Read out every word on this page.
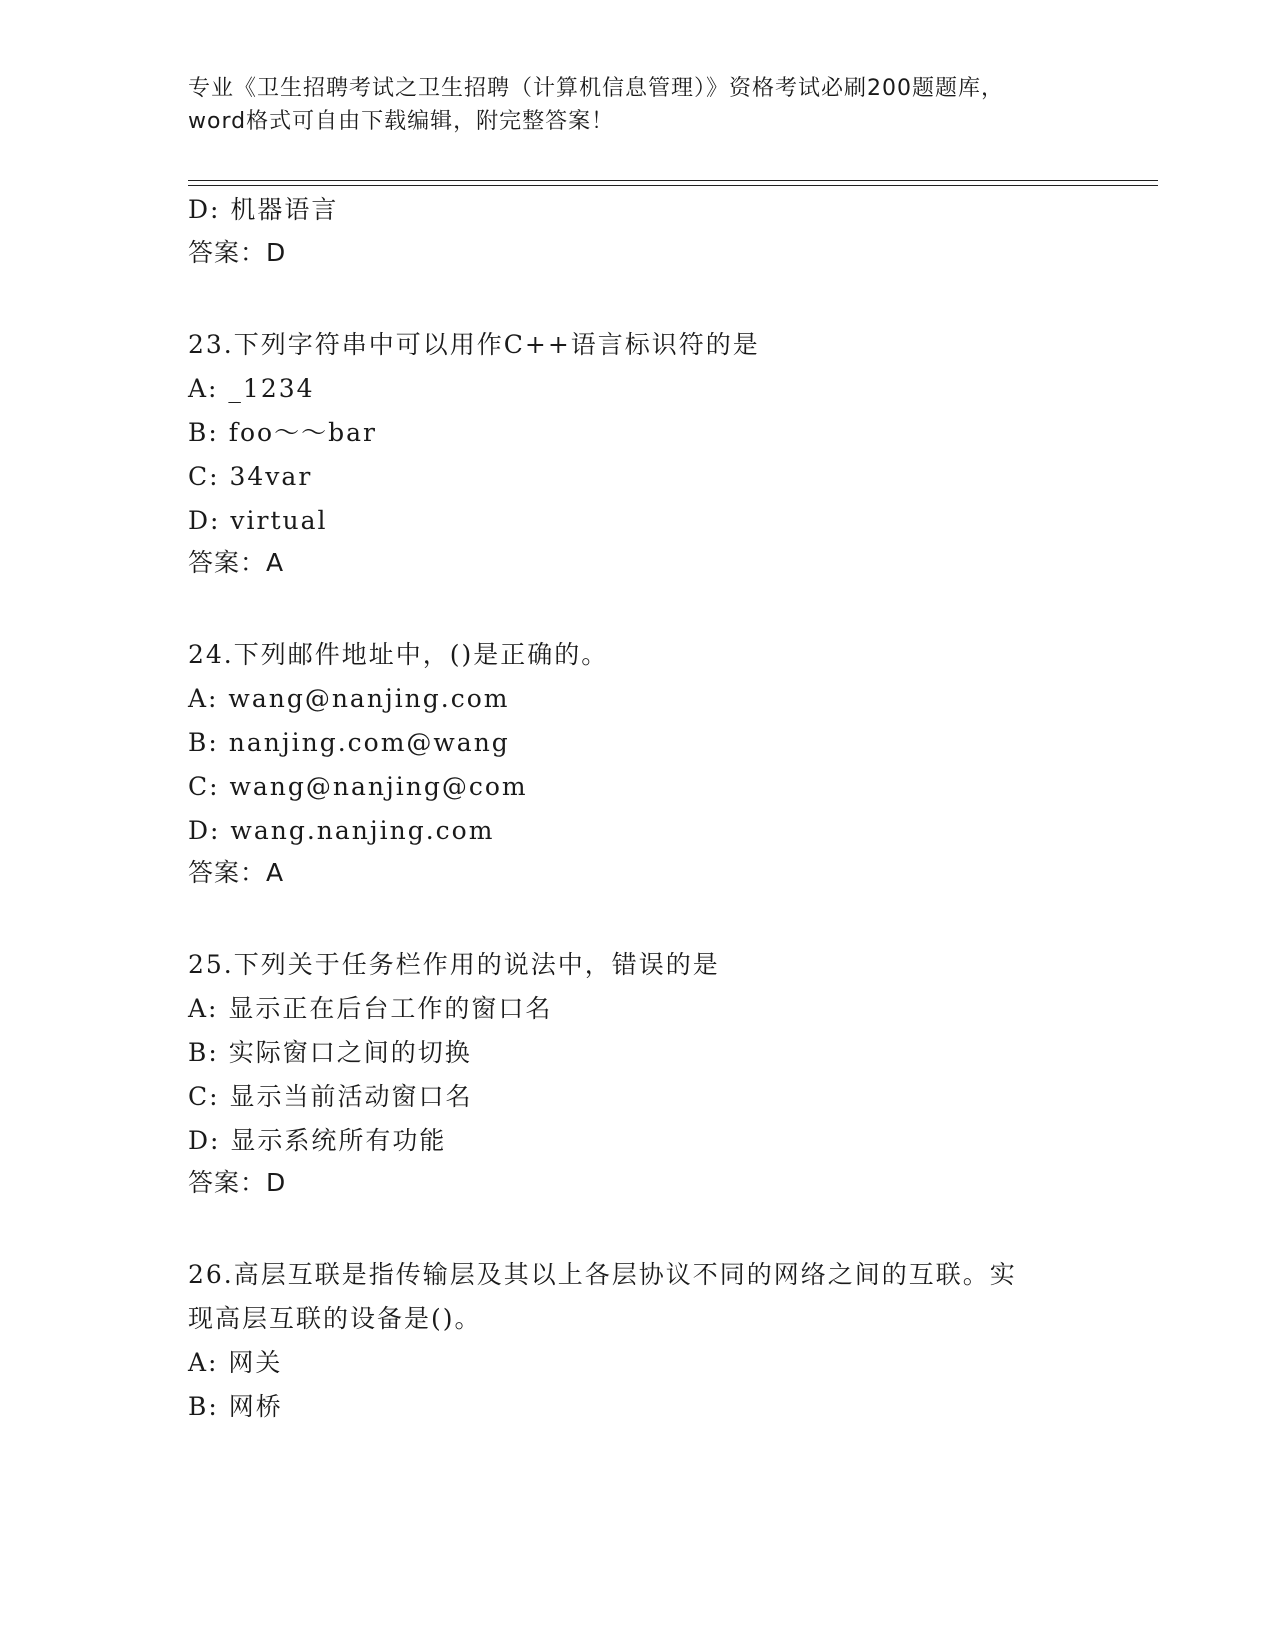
专业《卫生招聘考试之卫生招聘（计算机信息管理）》资格考试必刷200题题库，
word格式可自由下载编辑，附完整答案！
D: 机器语言
答案：D
23.下列字符串中可以用作C++语言标识符的是
A: _1234
B: foo～～bar
C: 34var
D: virtual
答案：A
24.下列邮件地址中，()是正确的。
A: wang@nanjing.com
B: nanjing.com@wang
C: wang@nanjing@com
D: wang.nanjing.com
答案：A
25.下列关于任务栏作用的说法中，错误的是
A: 显示正在后台工作的窗口名
B: 实际窗口之间的切换
C: 显示当前活动窗口名
D: 显示系统所有功能
答案：D
26.高层互联是指传输层及其以上各层协议不同的网络之间的互联。实
现高层互联的设备是()。
A: 网关
B: 网桥
